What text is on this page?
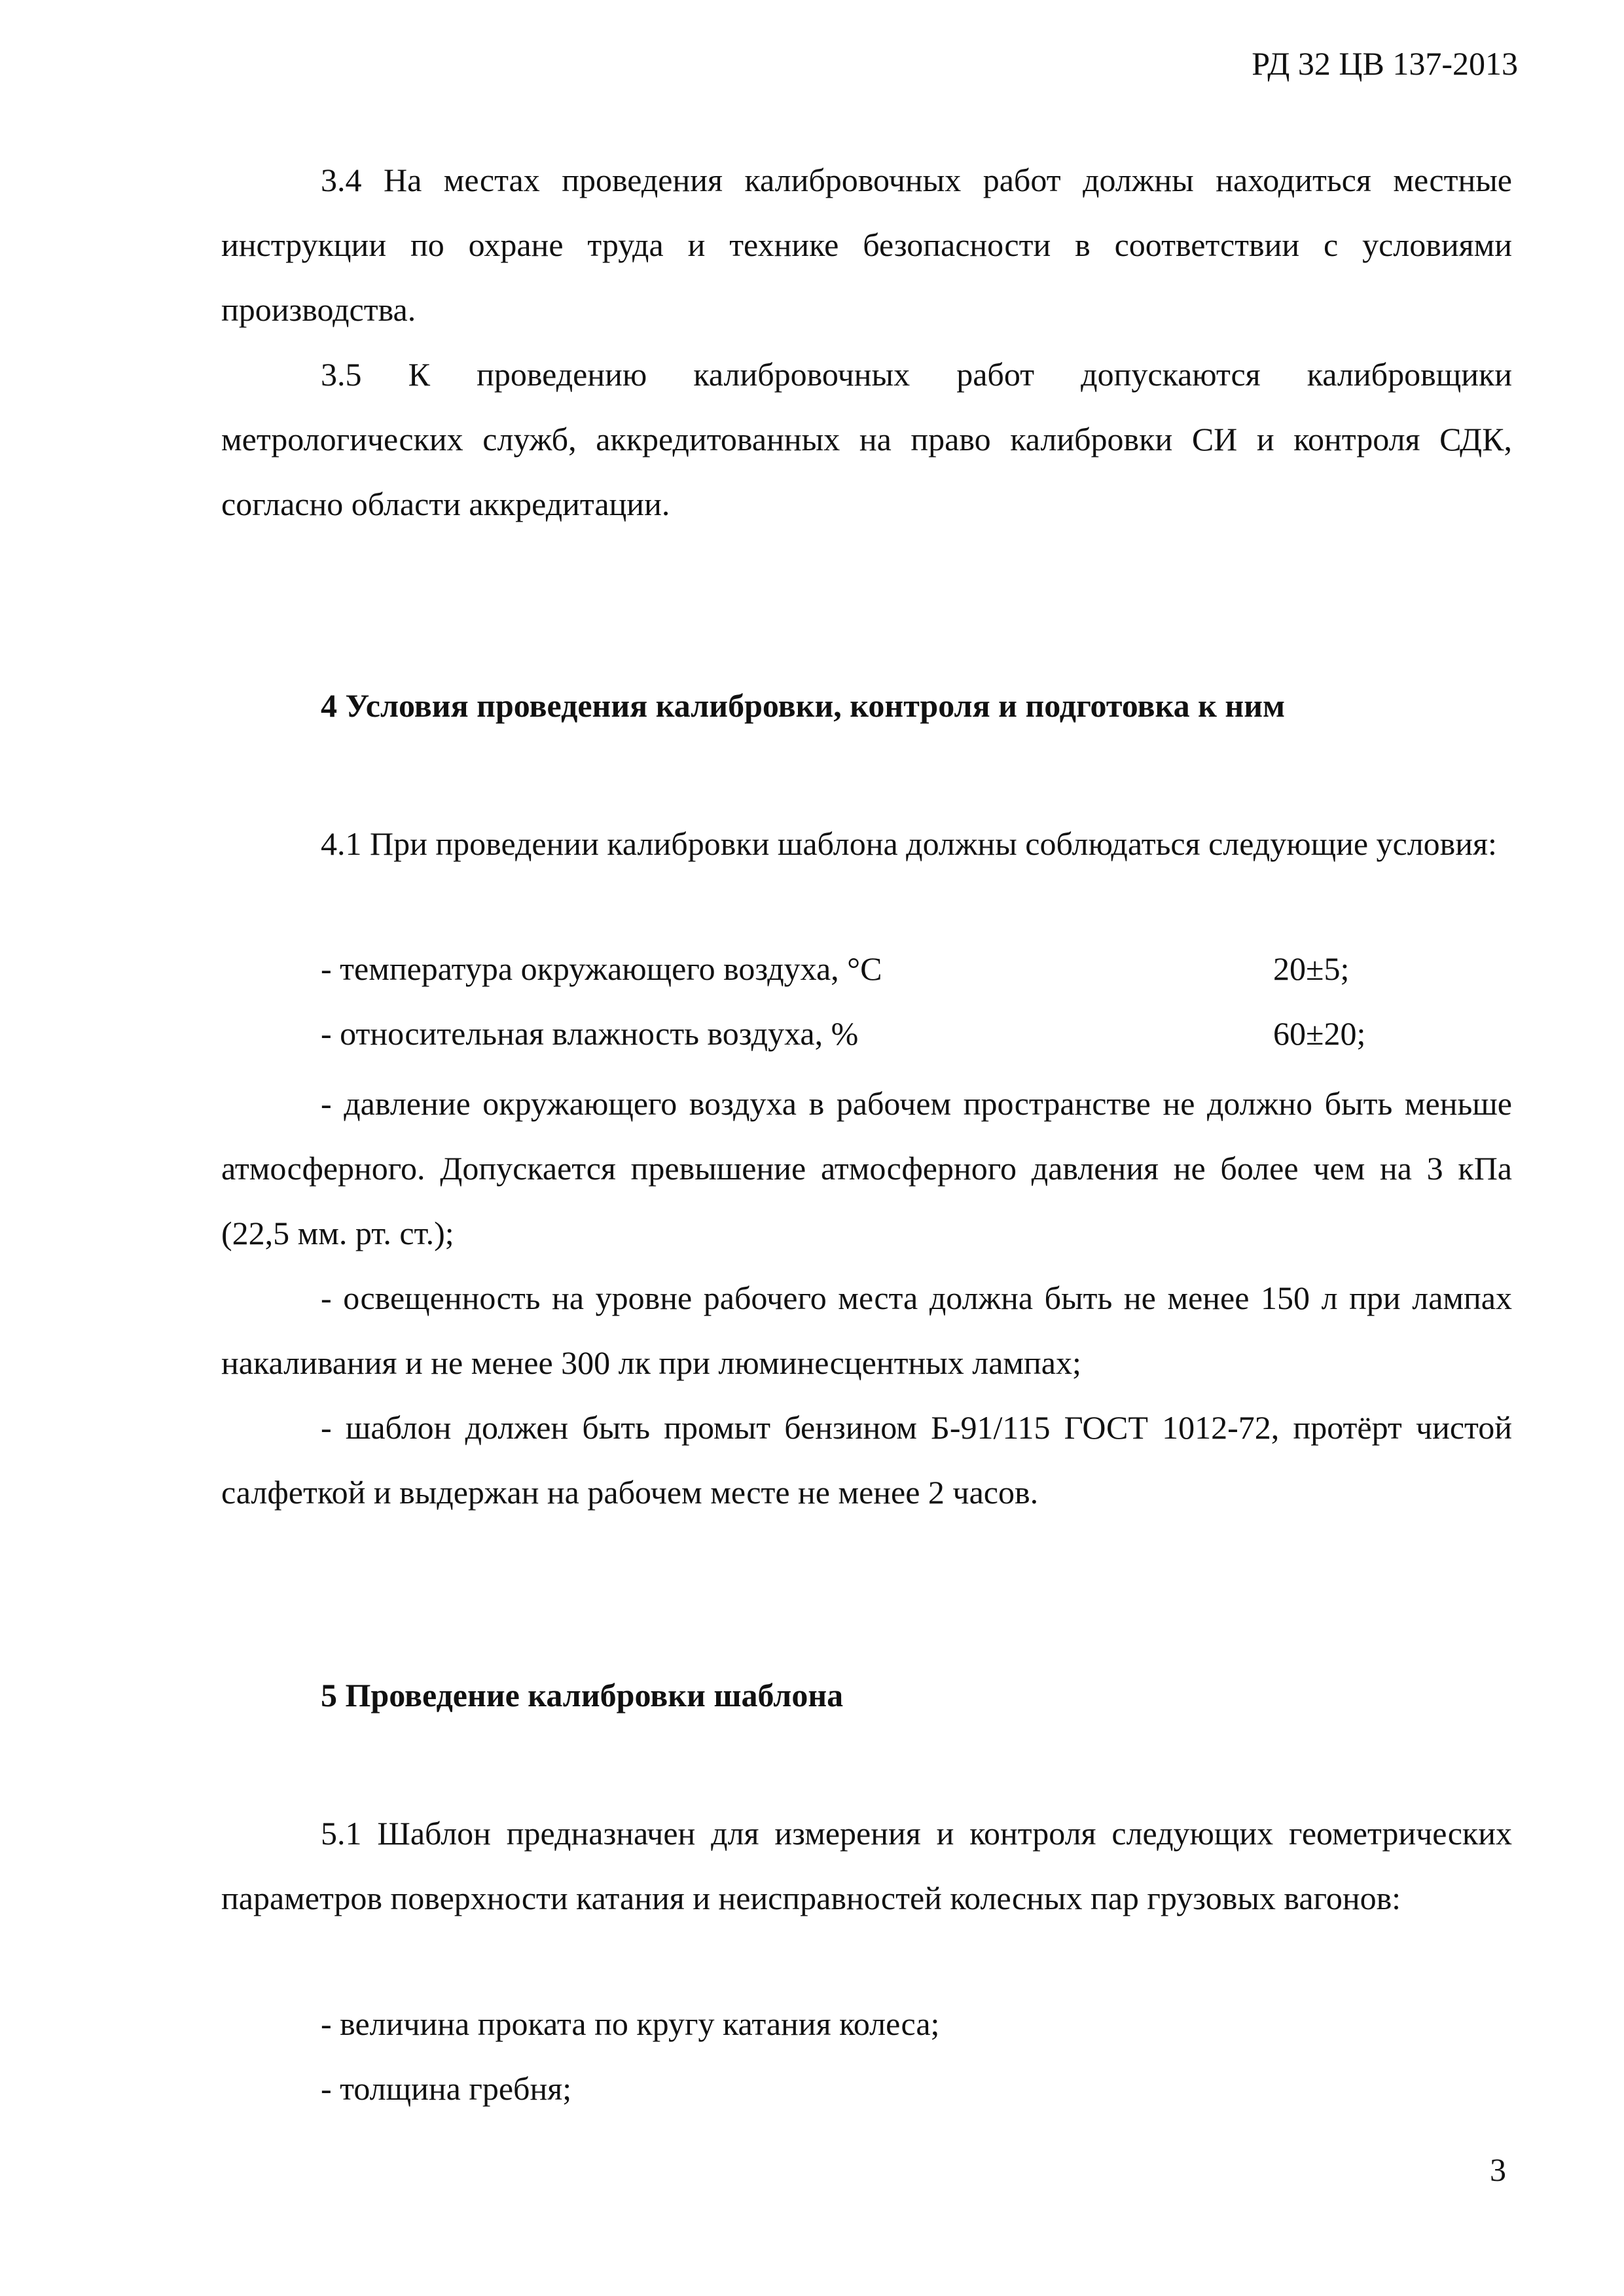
РД 32 ЦВ 137-2013

3.4 На местах проведения калибровочных работ должны находиться местные инструкции по охране труда и технике безопасности в соответствии с условиями производства.

3.5 К проведению калибровочных работ допускаются калибровщики метрологических служб, аккредитованных на право калибровки СИ и контроля СДК, согласно области аккредитации.

4 Условия проведения калибровки, контроля и подготовка к ним

4.1 При проведении калибровки шаблона должны соблюдаться следующие условия:

- температура окружающего воздуха, °С	20±5;
- относительная влажность воздуха, %	60±20;

- давление окружающего воздуха в рабочем пространстве не должно быть меньше атмосферного. Допускается превышение атмосферного давления не более чем на 3 кПа (22,5 мм. рт. ст.);

- освещенность на уровне рабочего места должна быть не менее 150 л при лампах накаливания и не менее 300 лк при люминесцентных лампах;

- шаблон должен быть промыт бензином Б-91/115 ГОСТ 1012-72, протёрт чистой салфеткой и выдержан на рабочем месте не менее 2 часов.

5 Проведение калибровки шаблона

5.1 Шаблон предназначен для измерения и контроля следующих геометрических параметров поверхности катания и неисправностей колесных пар грузовых вагонов:

- величина проката по кругу катания колеса;
- толщина гребня;
3
